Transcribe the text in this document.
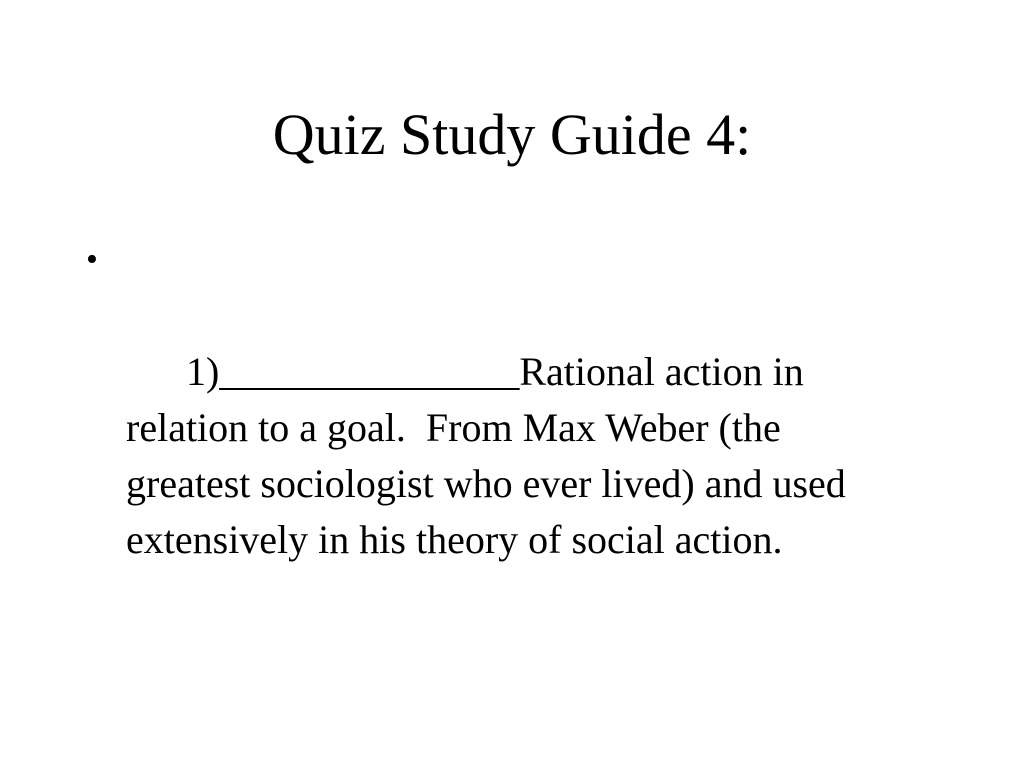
Quiz Study Guide 4:

•

1)_______________Rational action in relation to a goal.  From Max Weber (the greatest sociologist who ever lived) and used extensively in his theory of social action.
